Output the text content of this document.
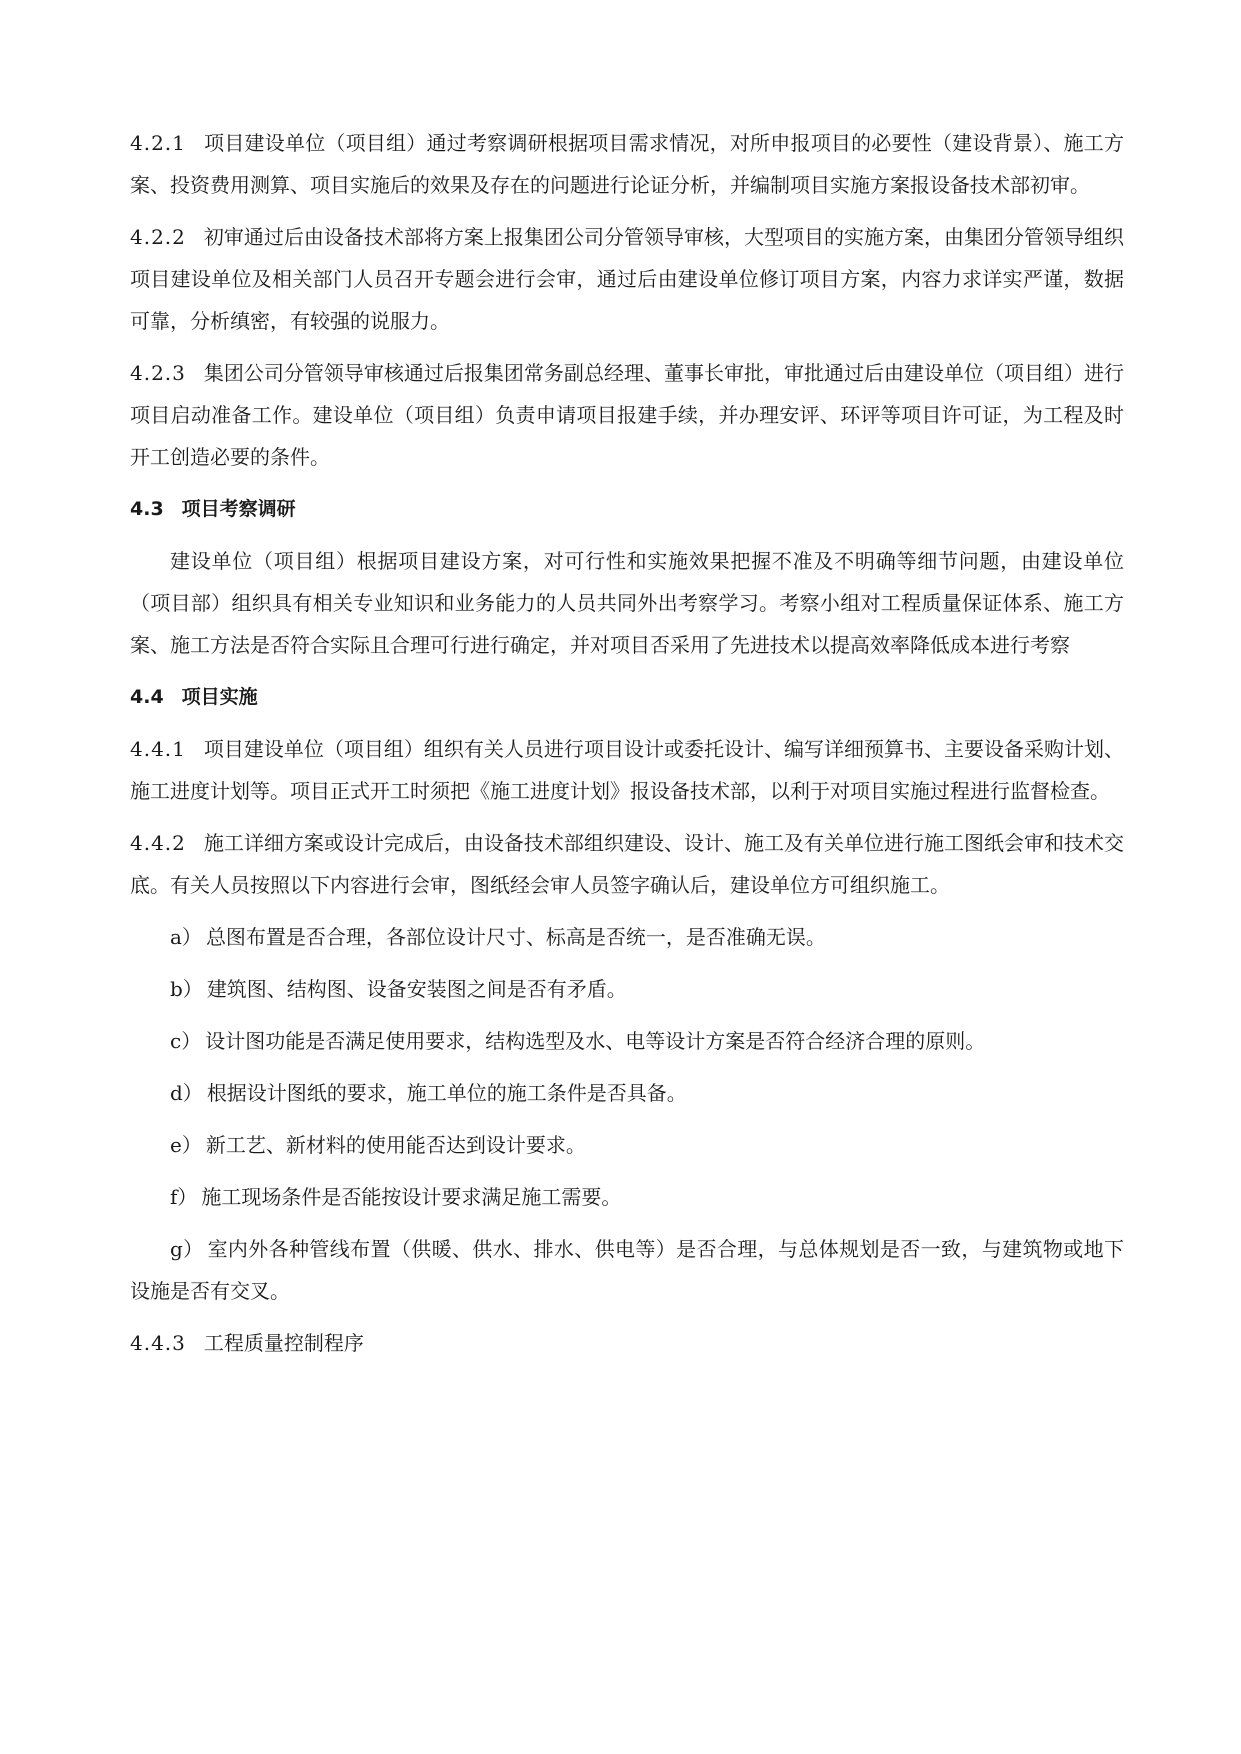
4.2.1 项目建设单位（项目组）通过考察调研根据项目需求情况，对所申报项目的必要性（建设背景）、施工方案、投资费用测算、项目实施后的效果及存在的问题进行论证分析，并编制项目实施方案报设备技术部初审。

4.2.2 初审通过后由设备技术部将方案上报集团公司分管领导审核，大型项目的实施方案，由集团分管领导组织项目建设单位及相关部门人员召开专题会进行会审，通过后由建设单位修订项目方案，内容力求详实严谨，数据可靠，分析缜密，有较强的说服力。

4.2.3 集团公司分管领导审核通过后报集团常务副总经理、董事长审批，审批通过后由建设单位（项目组）进行项目启动准备工作。建设单位（项目组）负责申请项目报建手续，并办理安评、环评等项目许可证，为工程及时开工创造必要的条件。

4.3 项目考察调研

建设单位（项目组）根据项目建设方案，对可行性和实施效果把握不准及不明确等细节问题，由建设单位（项目部）组织具有相关专业知识和业务能力的人员共同外出考察学习。考察小组对工程质量保证体系、施工方案、施工方法是否符合实际且合理可行进行确定，并对项目否采用了先进技术以提高效率降低成本进行考察

4.4 项目实施

4.4.1 项目建设单位（项目组）组织有关人员进行项目设计或委托设计、编写详细预算书、主要设备采购计划、施工进度计划等。项目正式开工时须把《施工进度计划》报设备技术部，以利于对项目实施过程进行监督检查。

4.4.2 施工详细方案或设计完成后，由设备技术部组织建设、设计、施工及有关单位进行施工图纸会审和技术交底。有关人员按照以下内容进行会审，图纸经会审人员签字确认后，建设单位方可组织施工。

a） 总图布置是否合理，各部位设计尺寸、标高是否统一，是否准确无误。

b） 建筑图、结构图、设备安装图之间是否有矛盾。

c） 设计图功能是否满足使用要求，结构选型及水、电等设计方案是否符合经济合理的原则。

d） 根据设计图纸的要求，施工单位的施工条件是否具备。

e） 新工艺、新材料的使用能否达到设计要求。

f） 施工现场条件是否能按设计要求满足施工需要。

g） 室内外各种管线布置（供暖、供水、排水、供电等）是否合理，与总体规划是否一致，与建筑物或地下设施是否有交叉。

4.4.3 工程质量控制程序
